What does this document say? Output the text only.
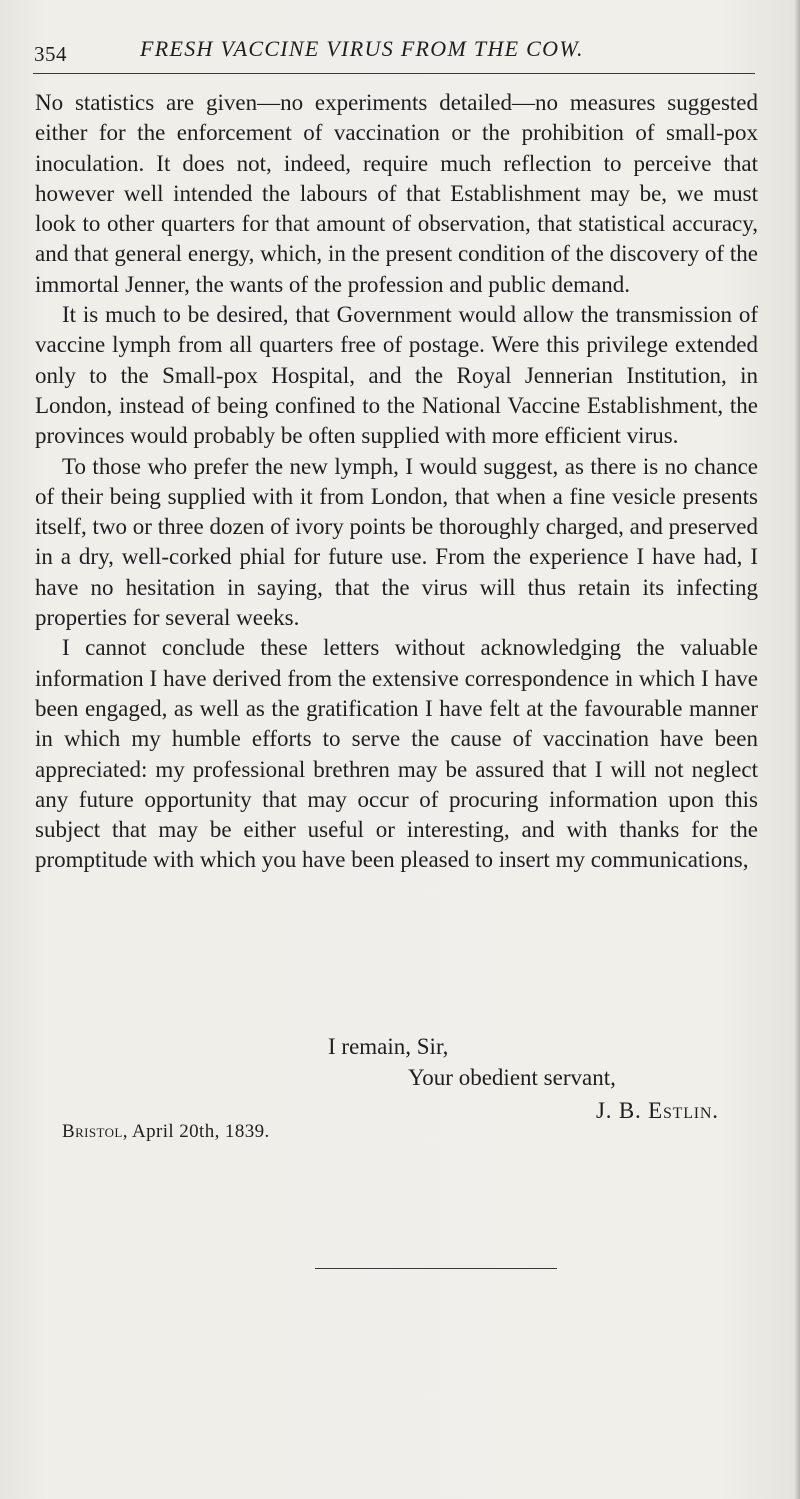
354	FRESH VACCINE VIRUS FROM THE COW.

No statistics are given—no experiments detailed—no measures suggested either for the enforcement of vaccination or the prohibition of small-pox inoculation. It does not, indeed, require much reflection to perceive that however well intended the labours of that Establishment may be, we must look to other quarters for that amount of observation, that statistical accuracy, and that general energy, which, in the present condition of the discovery of the immortal Jenner, the wants of the profession and public demand.

It is much to be desired, that Government would allow the transmission of vaccine lymph from all quarters free of postage. Were this privilege extended only to the Small-pox Hospital, and the Royal Jennerian Institution, in London, instead of being confined to the National Vaccine Establishment, the provinces would probably be often supplied with more efficient virus.

To those who prefer the new lymph, I would suggest, as there is no chance of their being supplied with it from London, that when a fine vesicle presents itself, two or three dozen of ivory points be thoroughly charged, and preserved in a dry, well-corked phial for future use. From the experience I have had, I have no hesitation in saying, that the virus will thus retain its infecting properties for several weeks.

I cannot conclude these letters without acknowledging the valuable information I have derived from the extensive correspondence in which I have been engaged, as well as the gratification I have felt at the favourable manner in which my humble efforts to serve the cause of vaccination have been appreciated: my professional brethren may be assured that I will not neglect any future opportunity that may occur of procuring information upon this subject that may be either useful or interesting, and with thanks for the promptitude with which you have been pleased to insert my communications,

I remain, Sir,
Your obedient servant,
J. B. Estlin.
Bristol, April 20th, 1839.
